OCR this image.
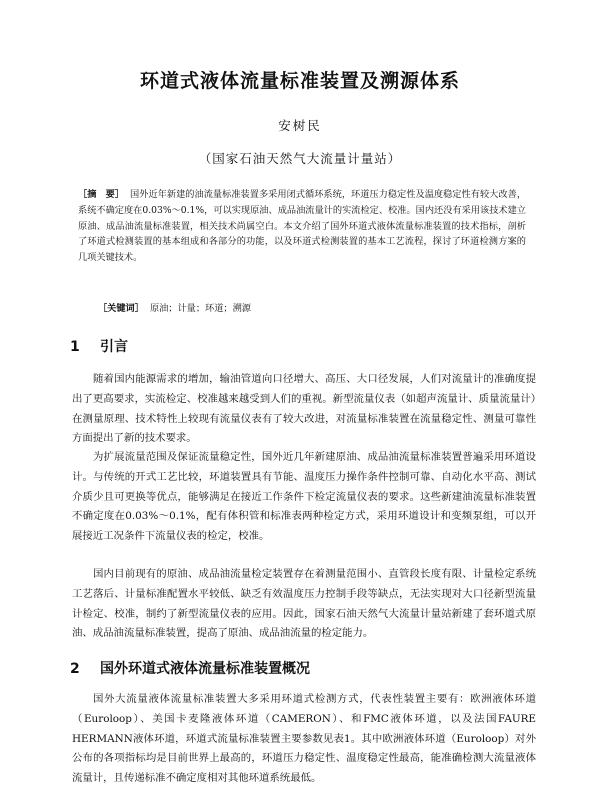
环道式液体流量标准装置及溯源体系
安树民
（国家石油天然气大流量计量站）
［摘　要］ 国外近年新建的油流量标准装置多采用闭式循环系统，环道压力稳定性及温度稳定性有较大改善，系统不确定度在0.03%～0.1%，可以实现原油、成品油流量计的实流检定、校准。国内还没有采用该技术建立原油、成品油流量标准装置，相关技术尚属空白。本文介绍了国外环道式液体流量标准装置的技术指标，剖析了环道式检测装置的基本组成和各部分的功能，以及环道式检测装置的基本工艺流程，探讨了环道检测方案的几项关键技术。
［关键词］ 原油；计量；环道；溯源
1 引言
随着国内能源需求的增加，输油管道向口径增大、高压、大口径发展，人们对流量计的准确度提出了更高要求，实流检定、校准越来越受到人们的重视。新型流量仪表（如超声流量计、质量流量计）在测量原理、技术特性上较现有流量仪表有了较大改进，对流量标准装置在流量稳定性、测量可靠性方面提出了新的技术要求。
为扩展流量范围及保证流量稳定性，国外近几年新建原油、成品油流量标准装置普遍采用环道设计。与传统的开式工艺比较，环道装置具有节能、温度压力操作条件控制可靠、自动化水平高、测试介质少且可更换等优点，能够满足在接近工作条件下检定流量仪表的要求。这些新建油流量标准装置不确定度在0.03%～0.1%，配有体积管和标准表两种检定方式，采用环道设计和变频泵组，可以开展接近工况条件下流量仪表的检定，校准。
国内目前现有的原油、成品油流量检定装置存在着测量范围小、直管段长度有限、计量检定系统工艺落后、计量标准配置水平较低、缺乏有效温度压力控制手段等缺点，无法实现对大口径新型流量计检定、校准，制约了新型流量仪表的应用。因此，国家石油天然气大流量计量站新建了套环道式原油、成品油流量标准装置，提高了原油、成品油流量的检定能力。
2 国外环道式液体流量标准装置概况
国外大流量液体流量标准装置大多采用环道式检测方式，代表性装置主要有：欧洲液体环道（Euroloop）、美国卡麦隆液体环道（CAMERON）、和FMC液体环道，以及法国FAURE HERMANN液体环道，环道式流量标准装置主要参数见表1。其中欧洲液体环道（Euroloop）对外公布的各项指标均是目前世界上最高的，环道压力稳定性、温度稳定性最高，能准确检测大流量液体流量计，且传递标准不确定度相对其他环道系统最低。
